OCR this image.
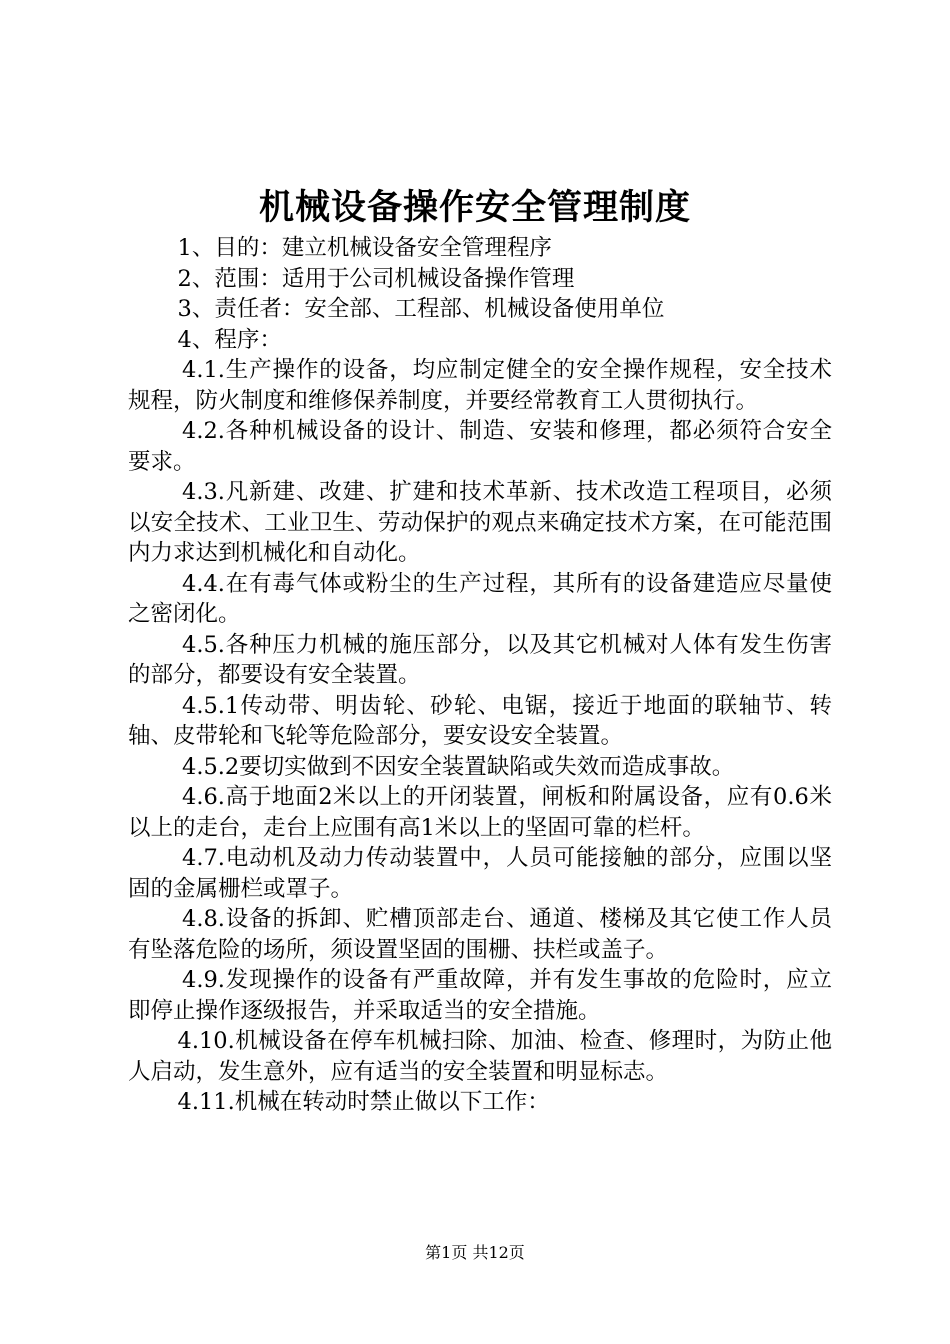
机械设备操作安全管理制度

1、目的：建立机械设备安全管理程序

2、范围：适用于公司机械设备操作管理

3、责任者：安全部、工程部、机械设备使用单位

4、程序：

4.1.生产操作的设备，均应制定健全的安全操作规程，安全技术规程，防火制度和维修保养制度，并要经常教育工人贯彻执行。

4.2.各种机械设备的设计、制造、安装和修理，都必须符合安全要求。

4.3.凡新建、改建、扩建和技术革新、技术改造工程项目，必须以安全技术、工业卫生、劳动保护的观点来确定技术方案，在可能范围内力求达到机械化和自动化。

4.4.在有毒气体或粉尘的生产过程，其所有的设备建造应尽量使之密闭化。

4.5.各种压力机械的施压部分，以及其它机械对人体有发生伤害的部分，都要设有安全装置。

4.5.1传动带、明齿轮、砂轮、电锯，接近于地面的联轴节、转轴、皮带轮和飞轮等危险部分，要安设安全装置。

4.5.2要切实做到不因安全装置缺陷或失效而造成事故。

4.6.高于地面2米以上的开闭装置，闸板和附属设备，应有0.6米以上的走台，走台上应围有高1米以上的坚固可靠的栏杆。

4.7.电动机及动力传动装置中，人员可能接触的部分，应围以坚固的金属栅栏或罩子。

4.8.设备的拆卸、贮槽顶部走台、通道、楼梯及其它使工作人员有坠落危险的场所，须设置坚固的围栅、扶栏或盖子。

4.9.发现操作的设备有严重故障，并有发生事故的危险时，应立即停止操作逐级报告，并采取适当的安全措施。

4.10.机械设备在停车机械扫除、加油、检查、修理时，为防止他人启动，发生意外，应有适当的安全装置和明显标志。

4.11.机械在转动时禁止做以下工作：

第1页 共12页
